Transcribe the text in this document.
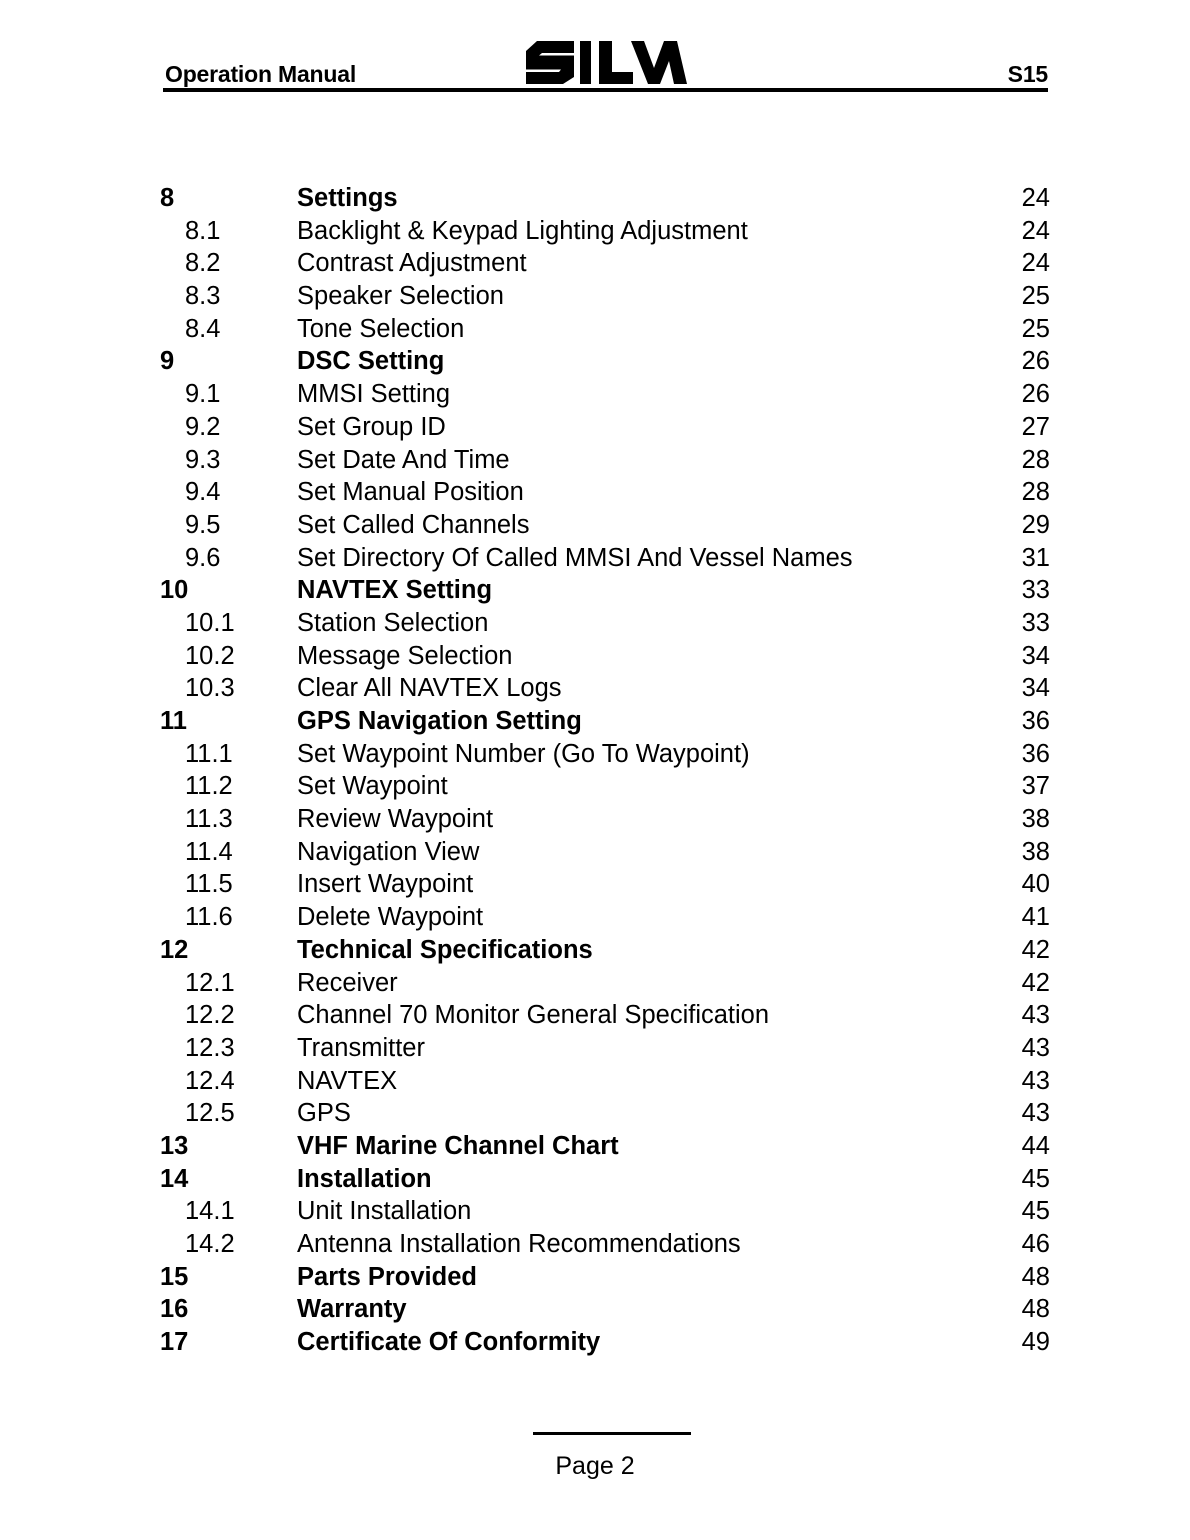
Operation Manual	S15
8	Settings	24
8.1	Backlight & Keypad Lighting Adjustment	24
8.2	Contrast Adjustment	24
8.3	Speaker Selection	25
8.4	Tone Selection	25
9	DSC Setting	26
9.1	MMSI Setting	26
9.2	Set Group ID	27
9.3	Set Date And Time	28
9.4	Set Manual Position	28
9.5	Set Called Channels	29
9.6	Set Directory Of Called MMSI And Vessel Names	31
10	NAVTEX Setting	33
10.1 Station Selection	33
10.2 Message Selection	34
10.3 Clear All NAVTEX Logs	34
11	GPS Navigation Setting	36
11.1	Set Waypoint Number (Go To Waypoint)	36
11.2	Set Waypoint	37
11.3	Review Waypoint	38
11.4	Navigation View	38
11.5	Insert Waypoint	40
11.6	Delete Waypoint	41
12	Technical Specifications	42
12.1 Receiver	42
12.2 Channel 70 Monitor General Specification	43
12.3 Transmitter	43
12.4 NAVTEX	43
12.5 GPS	43
13	VHF Marine Channel Chart	44
14	Installation	45
14.1 Unit Installation	45
14.2 Antenna Installation Recommendations	46
15	Parts Provided	48
16	Warranty	48
17	Certificate Of Conformity	49
Page 2
